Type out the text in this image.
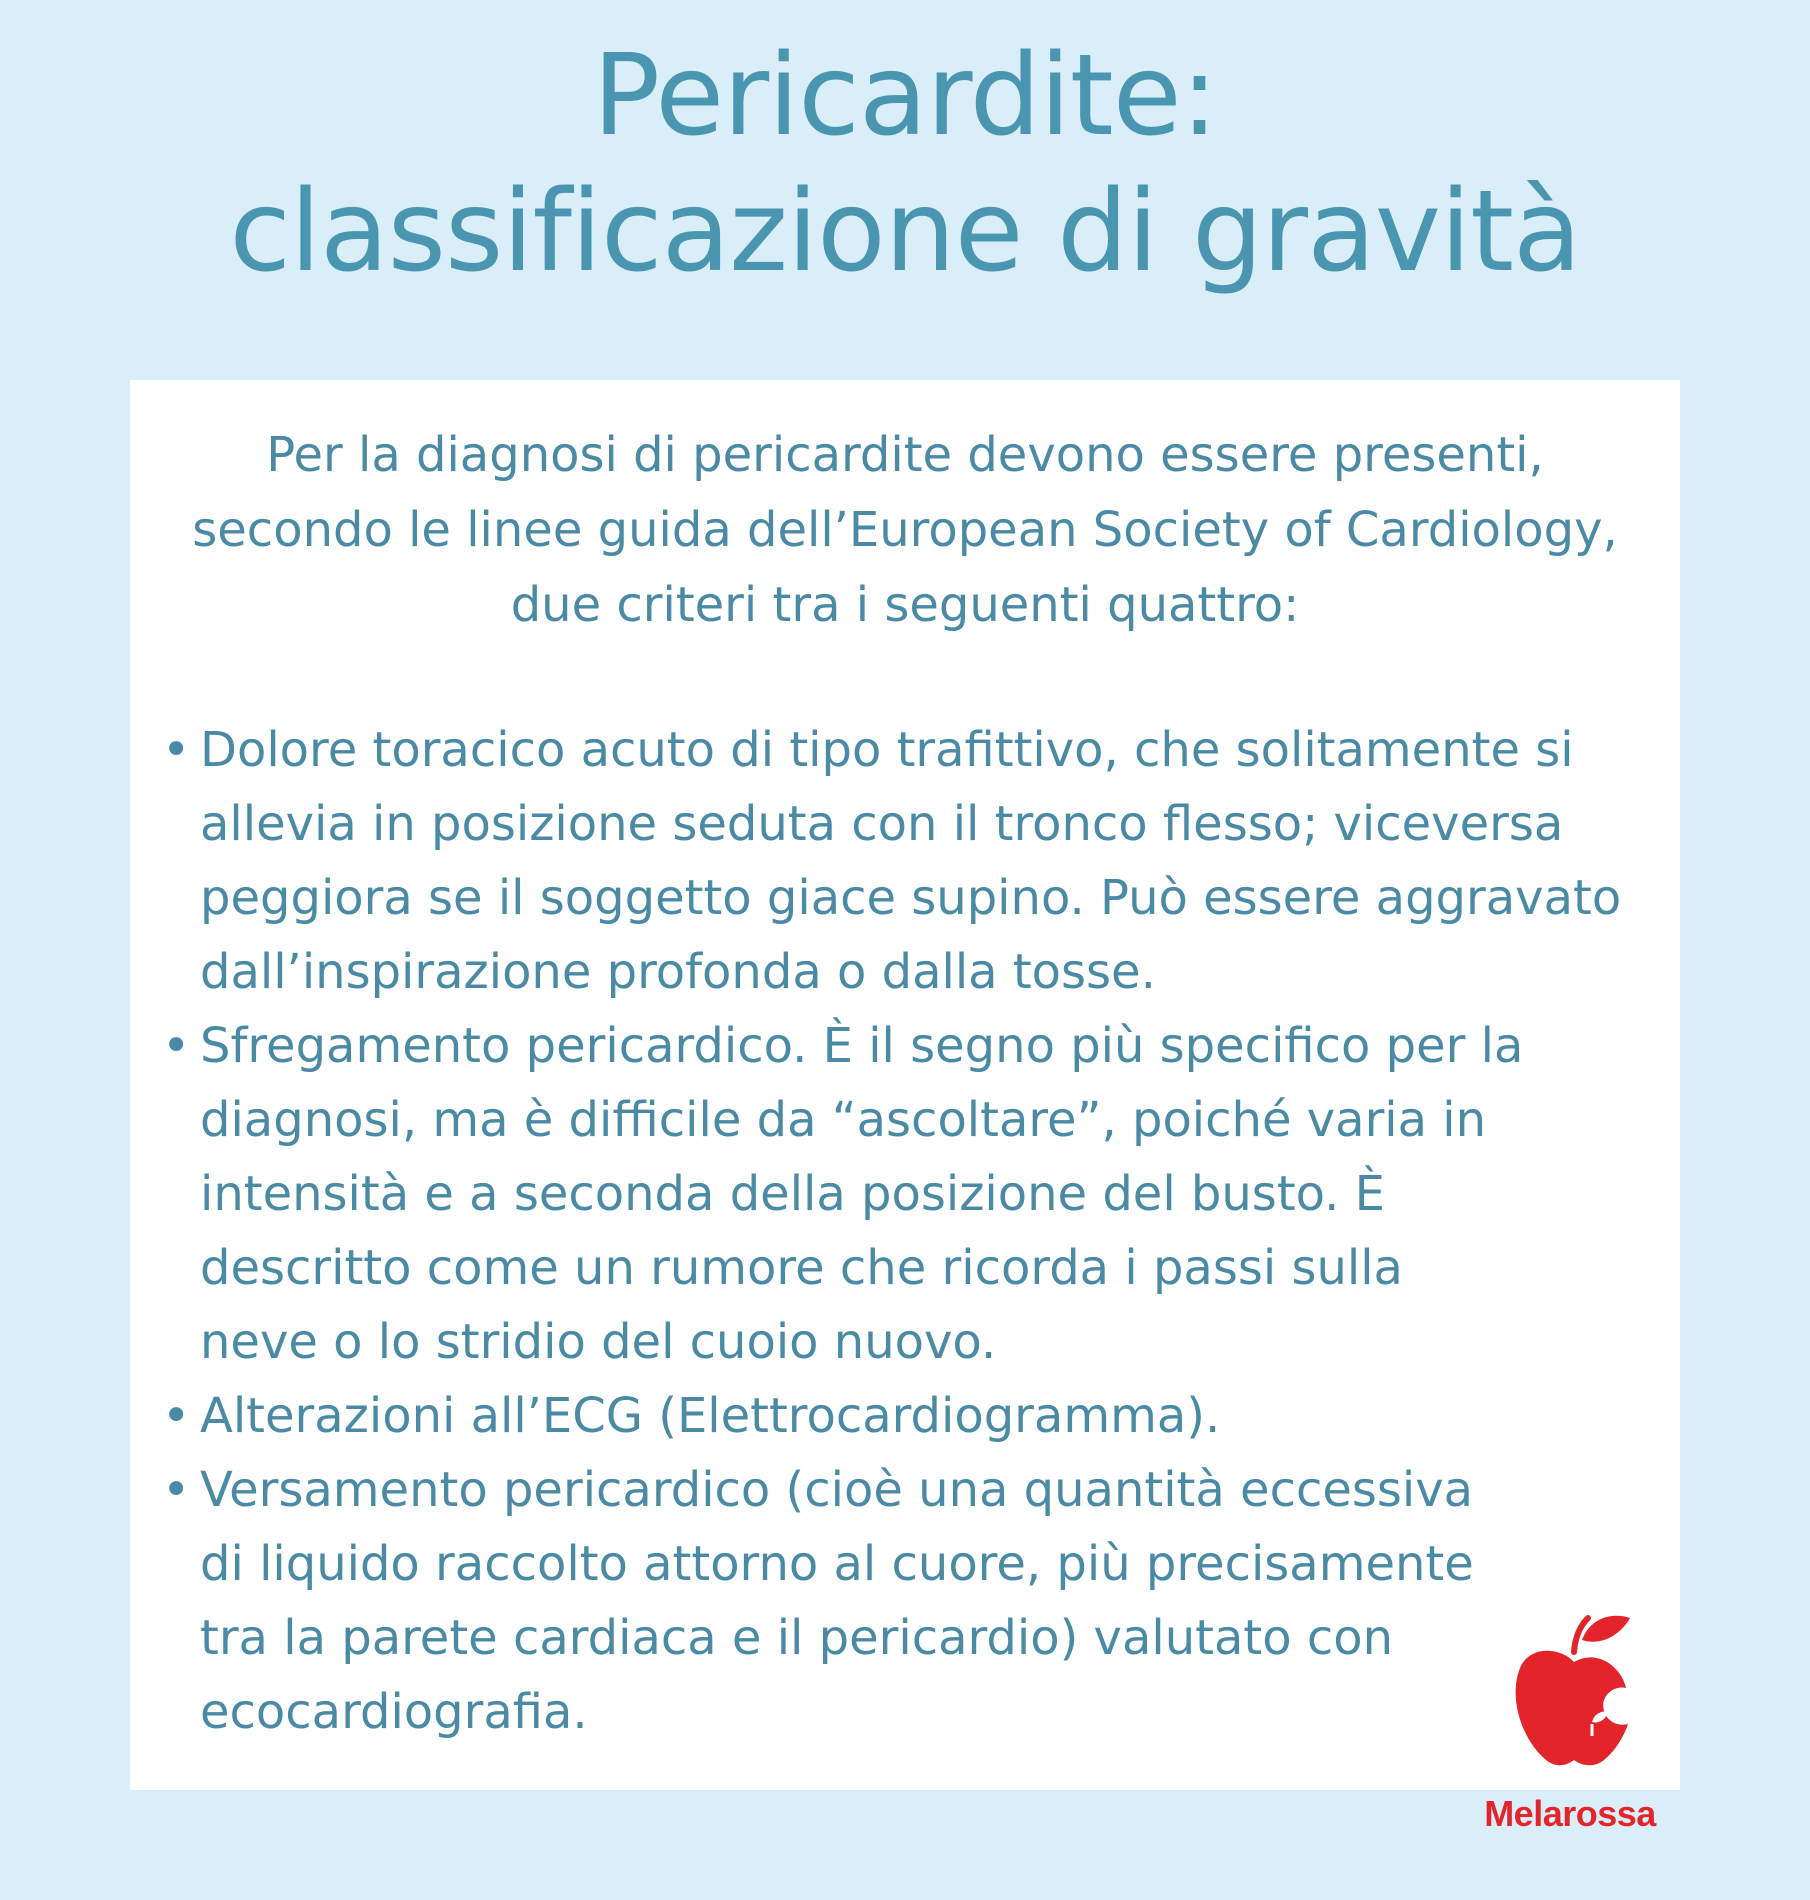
Pericardite:
classificazione di gravità

Per la diagnosi di pericardite devono essere presenti,
secondo le linee guida dell’European Society of Cardiology,
due criteri tra i seguenti quattro:

• Dolore toracico acuto di tipo trafittivo, che solitamente si
allevia in posizione seduta con il tronco flesso; viceversa
peggiora se il soggetto giace supino. Può essere aggravato
dall’inspirazione profonda o dalla tosse.
• Sfregamento pericardico. È il segno più specifico per la
diagnosi, ma è difficile da “ascoltare”, poiché varia in
intensità e a seconda della posizione del busto. È
descritto come un rumore che ricorda i passi sulla
neve o lo stridio del cuoio nuovo.
• Alterazioni all’ECG (Elettrocardiogramma).
• Versamento pericardico (cioè una quantità eccessiva
di liquido raccolto attorno al cuore, più precisamente
tra la parete cardiaca e il pericardio) valutato con
ecocardiografia.
Melarossa
